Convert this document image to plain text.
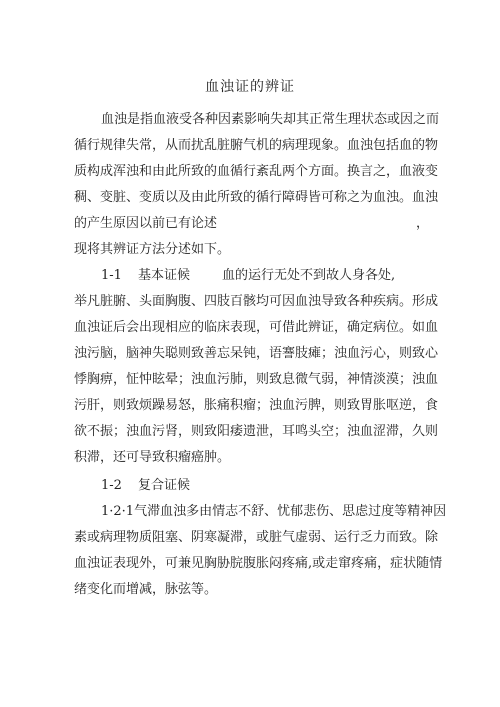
血浊证的辨证
血浊是指血液受各种因素影响失却其正常生理状态或因之而
循行规律失常，从而扰乱脏腑气机的病理现象。血浊包括血的物
质构成浑浊和由此所致的血循行紊乱两个方面。换言之，血液变
稠、变脏、变质以及由此所致的循行障碍皆可称之为血浊。血浊
的产生原因以前已有论述	，
现将其辨证方法分述如下。
1-1 基本证候 血的运行无处不到故人身各处,
举凡脏腑、头面胸腹、四肢百骸均可因血浊导致各种疾病。形成
血浊证后会出现相应的临床表现，可借此辨证，确定病位。如血
浊污脑，脑神失聪则致善忘呆钝，语謇肢瘫；浊血污心，则致心
悸胸痹，怔忡眩晕；浊血污肺，则致息微气弱，神情淡漠；浊血
污肝，则致烦躁易怒，胀痛积瘤；浊血污脾，则致胃胀呕逆，食
欲不振；浊血污肾，则致阳痿遗泄，耳鸣头空；浊血涩滞，久则
积滞，还可导致积瘤癌肿。
1-2 复合证候
1·2·1气滞血浊多由情志不舒、忧郁悲伤、思虑过度等精神因
素或病理物质阻塞、阴寒凝滞，或脏气虚弱、运行乏力而致。除
血浊证表现外，可兼见胸胁脘腹胀闷疼痛,或走窜疼痛，症状随情
绪变化而增减，脉弦等。
